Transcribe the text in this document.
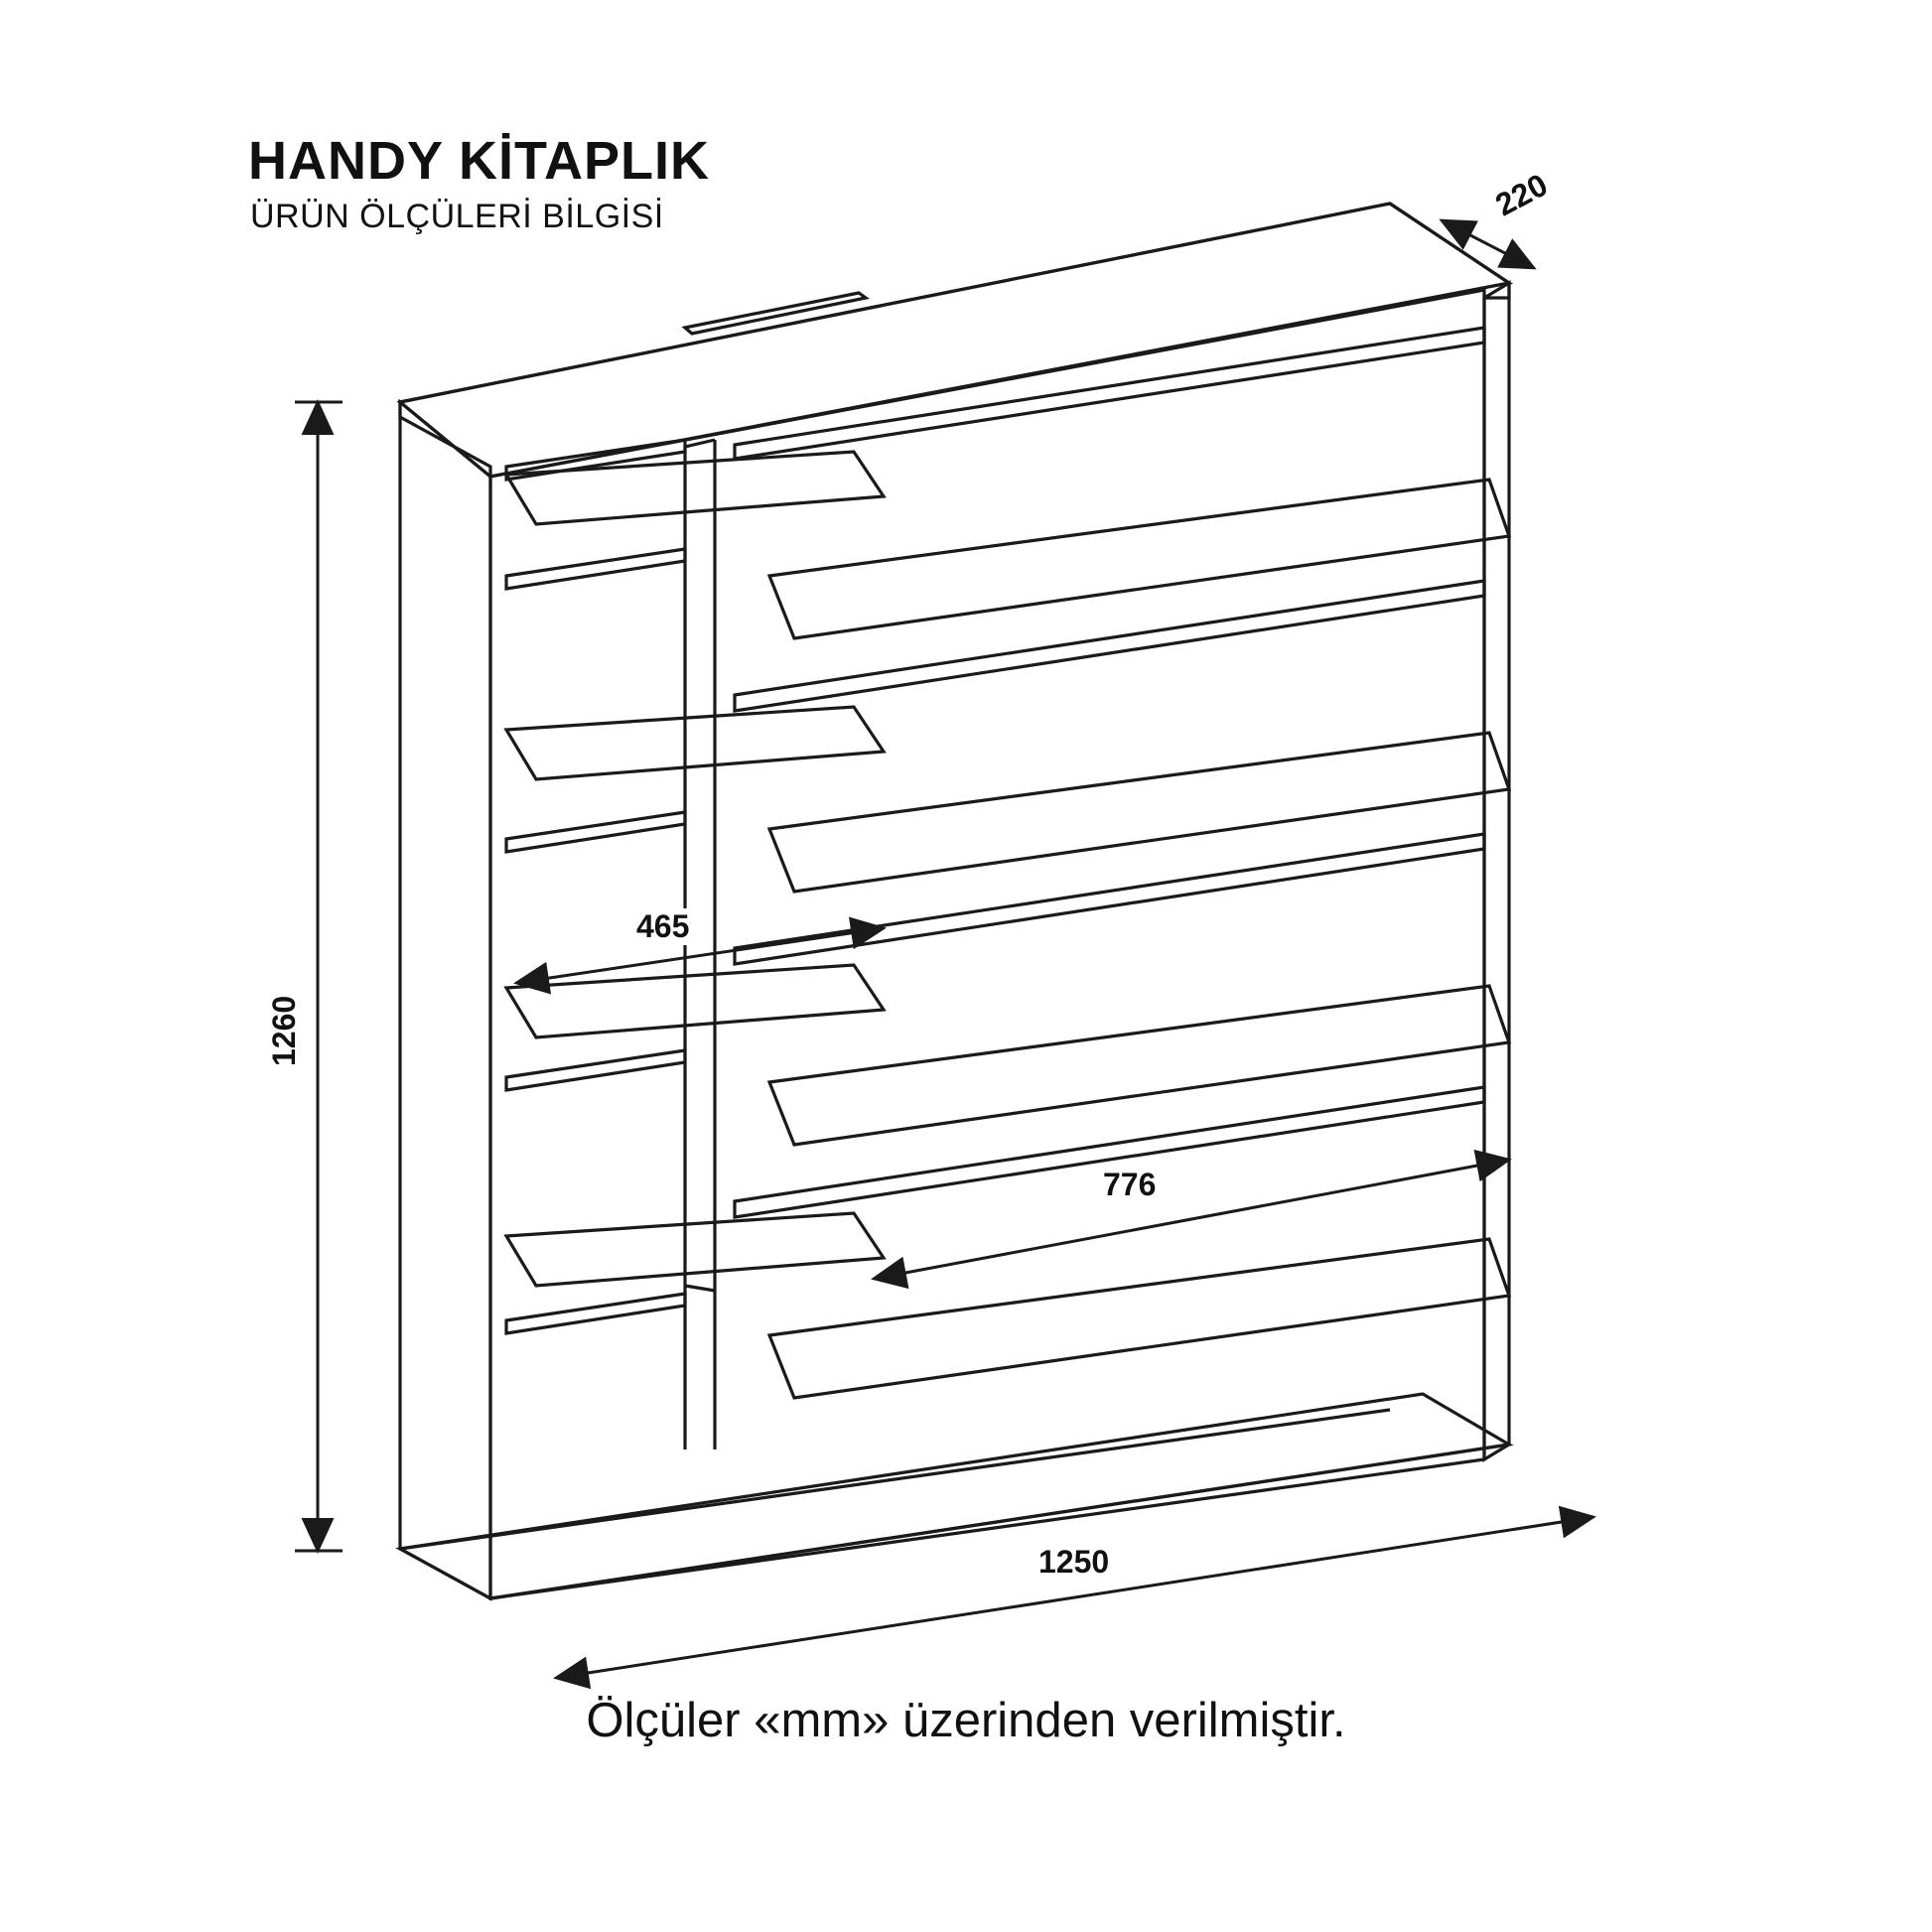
HANDY KİTAPLIK
ÜRÜN ÖLÇÜLERİ BİLGİSİ	220
1260
465
776
1250
Ölçüler «mm» üzerinden verilmiştir.
